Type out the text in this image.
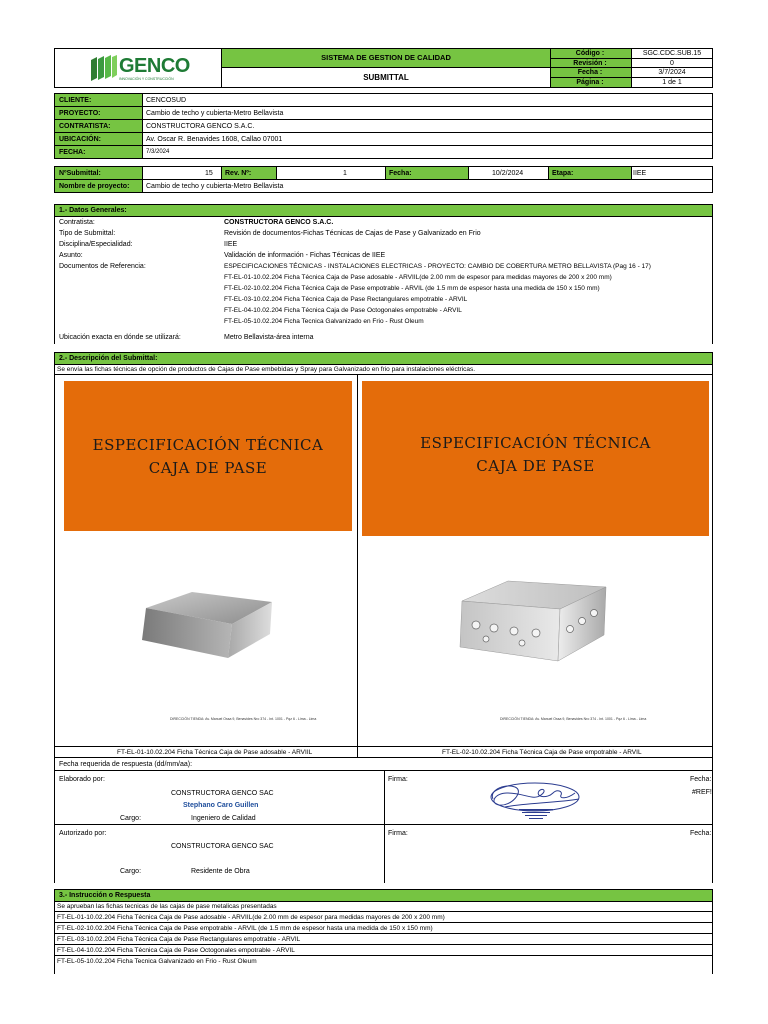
GENCO
INNOVACIÓN Y CONSTRUCCIÓN
SISTEMA DE GESTION DE CALIDAD
SUBMITTAL
Código :	SGC.CDC.SUB.15
Revisión :	0
Fecha :	3/7/2024
Página :	1 de 1
CLIENTE:	CENCOSUD
PROYECTO:	Cambio de techo y cubierta-Metro Bellavista
CONTRATISTA:	CONSTRUCTORA GENCO S.A.C.
UBICACIÓN:	Av. Oscar R. Benavides 1608, Callao 07001
FECHA:	7/3/2024
NºSubmittal:	15 Rev. Nº:	1	Fecha:	10/2/2024	Etapa:	IIEE
Nombre de proyecto: Cambio de techo y cubierta-Metro Bellavista
1.- Datos Generales:
Contratista:	CONSTRUCTORA GENCO S.A.C.
Tipo de Submittal:	Revisión de documentos-Fichas Técnicas de Cajas de Pase y Galvanizado en Frio
Disciplina/Especialidad:	IIEE
Asunto:	Validación de información - Fichas Técnicas de IIEE
Documentos de Referencia:	ESPECIFICACIONES TÉCNICAS - INSTALACIONES ELECTRICAS - PROYECTO: CAMBIO DE COBERTURA METRO BELLAVISTA (Pag 16 - 17)
FT-EL-01-10.02.204 Ficha Técnica Caja de Pase adosable - ARVIIL(de 2.00 mm de espesor para medidas mayores de 200 x 200 mm)
FT-EL-02-10.02.204 Ficha Técnica Caja de Pase empotrable - ARVIL (de 1.5 mm de espesor hasta una medida de 150 x 150 mm)
FT-EL-03-10.02.204 Ficha Técnica Caja de Pase Rectangulares empotrable - ARVIL
FT-EL-04-10.02.204 Ficha Técnica Caja de Pase Octogonales empotrable - ARVIL
FT-EL-05-10.02.204 Ficha Tecnica Galvanizado en Frio - Rust Oleum
Ubicación exacta en dónde se utilizará:	Metro Bellavista-área interna
2.- Descripción del Submittal:
Se envía las fichas técnicas de opción de productos de Cajas de Pase embebidas y Spray para Galvanizado en frio para instalaciones eléctricas.
ESPECIFICACIÓN TÉCNICA
CAJA DE PASE
DIRECCIÓN TIENDA: Av. Manuel Ossa 9, Benavides Nro 374 - Int. 1001 - Pqz 6 - Lima - Lima
ESPECIFICACIÓN TÉCNICA
CAJA DE PASE
DIRECCIÓN TIENDA: Av. Manuel Ossa 9, Benavides Nro 374 - Int. 1001 - Pqz 6 - Lima - Lima
FT-EL-01-10.02.204 Ficha Técnica Caja de Pase adosable - ARVIIL	FT-EL-02-10.02.204 Ficha Técnica Caja de Pase empotrable - ARVIL
Fecha requerida de respuesta (dd/mm/aa):
Elaborado por:
CONSTRUCTORA GENCO SAC
Stephano Caro Guillen
Cargo:	Ingeniero de Calidad
Firma:	Fecha:
#REF!
Autorizado por:
CONSTRUCTORA GENCO SAC
Cargo:	Residente de Obra
Firma:	Fecha:
3.- Instrucción o Respuesta
Se aprueban las fichas tecnicas de las cajas de pase metalicas presentadas
FT-EL-01-10.02.204 Ficha Técnica Caja de Pase adosable - ARVIIL(de 2.00 mm de espesor para medidas mayores de 200 x 200 mm)
FT-EL-02-10.02.204 Ficha Técnica Caja de Pase empotrable - ARVIL (de 1.5 mm de espesor hasta una medida de 150 x 150 mm)
FT-EL-03-10.02.204 Ficha Técnica Caja de Pase Rectangulares empotrable - ARVIL
FT-EL-04-10.02.204 Ficha Técnica Caja de Pase Octogonales empotrable - ARVIL
FT-EL-05-10.02.204 Ficha Tecnica Galvanizado en Frio - Rust Oleum
